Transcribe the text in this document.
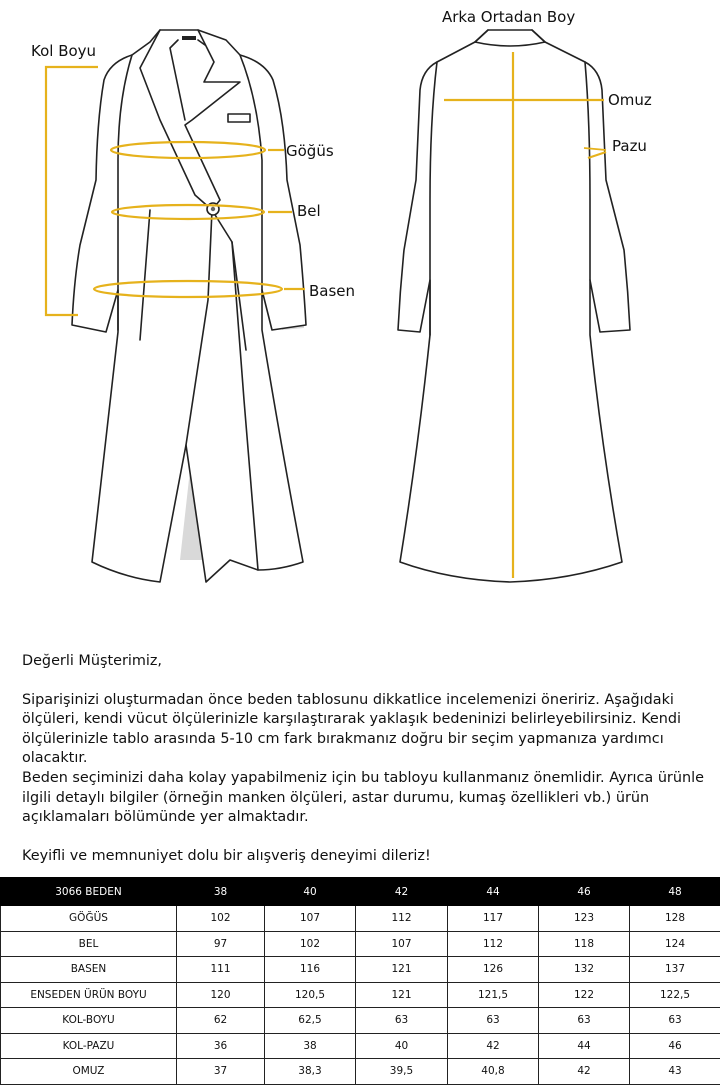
Kol Boyu
Göğüs
Bel
Basen
Arka Ortadan Boy
Omuz
Pazu

Değerli Müşterimiz,

Siparişinizi oluşturmadan önce beden tablosunu dikkatlice incelemenizi öneririz. Aşağıdaki ölçüleri, kendi vücut ölçülerinizle karşılaştırarak yaklaşık bedeninizi belirleyebilirsiniz. Kendi ölçülerinizle tablo arasında 5-10 cm fark bırakmanız doğru bir seçim yapmanıza yardımcı olacaktır.

Beden seçiminizi daha kolay yapabilmeniz için bu tabloyu kullanmanız önemlidir. Ayrıca ürünle ilgili detaylı bilgiler (örneğin manken ölçüleri, astar durumu, kumaş özellikleri vb.) ürün açıklamaları bölümünde yer almaktadır.

Keyifli ve memnuniyet dolu bir alışveriş deneyimi dileriz!

3066 BEDEN	38	40	42	44	46	48
GÖĞÜS	102	107	112	117	123	128
BEL	97	102	107	112	118	124
BASEN	111	116	121	126	132	137
ENSEDEN ÜRÜN BOYU	120	120,5	121	121,5	122	122,5
KOL-BOYU	62	62,5	63	63	63	63
KOL-PAZU	36	38	40	42	44	46
OMUZ	37	38,3	39,5	40,8	42	43
